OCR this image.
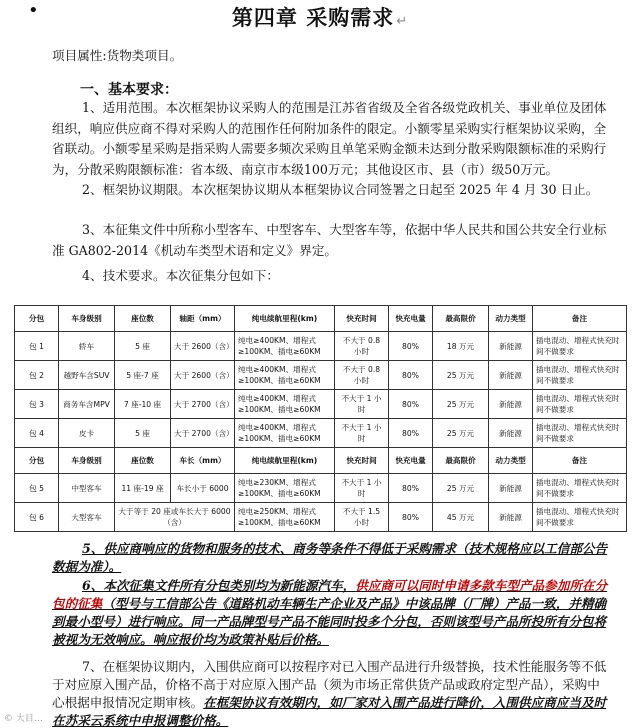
•	第四章 采购需求 ↵
项目属性:货物类项目。
一、基本要求：
1、适用范围。本次框架协议采购人的范围是江苏省省级及全省各级党政机关、事业单位及团体组织，响应供应商不得对采购人的范围作任何附加条件的限定。小额零星采购实行框架协议采购，全省联动。小额零星采购是指采购人需要多频次采购且单笔采购金额未达到分散采购限额标准的采购行为，分散采购限额标准：省本级、南京市本级100万元；其他设区市、县（市）级50万元。
2、框架协议期限。本次框架协议期从本框架协议合同签署之日起至 2025 年 4 月 30 日止。
3、本征集文件中所称小型客车、中型客车、大型客车等，依据中华人民共和国公共安全行业标准 GA802-2014《机动车类型术语和定义》界定。
4、技术要求。本次征集分包如下：
分包	车身级别	座位数	轴距（mm）	纯电续航里程(km)	快充时间	快充电量	最高限价	动力类型	备注
包 1	轿车	5 座	大于 2600（含）	纯电≥400KM、增程式≥100KM、插电≥60KM	不大于 0.8 小时	80%	18 万元	新能源	插电混动、增程式快充时间不做要求
包 2	越野车含SUV	5 座-7 座	大于 2600（含）	纯电≥400KM、增程式≥100KM、插电≥60KM	不大于 0.8 小时	80%	25 万元	新能源	插电混动、增程式快充时间不做要求
包 3	商务车含MPV	7 座-10 座	大于 2700（含）	纯电≥400KM、增程式≥100KM、插电≥60KM	不大于 1 小时	80%	25 万元	新能源	插电混动、增程式快充时间不做要求
包 4	皮卡	5 座	大于 2700（含）	纯电≥400KM、增程式≥100KM、插电≥60KM	不大于 1 小时	80%	25 万元	新能源	插电混动、增程式快充时间不做要求
分包	车身级别	座位数	车长（mm）	纯电续航里程(km)	快充时间	快充电量	最高限价	动力类型	备注
包 5	中型客车	11 座-19 座	车长小于 6000	纯电≥230KM、增程式≥100KM、插电≥60KM	不大于 1 小时	80%	25 万元	新能源	插电混动、增程式快充时间不做要求
包 6	大型客车	大于等于 20 座或车长大于 6000（含）		纯电≥250KM、增程式≥100KM、插电≥60KM	不大于 1.5 小时	80%	45 万元	新能源	插电混动、增程式快充时间不做要求
5、供应商响应的货物和服务的技术、商务等条件不得低于采购需求（技术规格应以工信部公告数据为准）。
6、本次征集文件所有分包类别均为新能源汽车，供应商可以同时申请多款车型产品参加所在分包的征集（型号与工信部公告《道路机动车辆生产企业及产品》中该品牌（厂牌）产品一致，并精确到最小型号）进行响应。同一产品牌型号产品不能同时投多个分包，否则该型号产品所投所有分包将被视为无效响应。响应报价均为政策补贴后价格。
7、在框架协议期内，入围供应商可以按程序对已入围产品进行升级替换，技术性能服务等不低于对应原入围产品，价格不高于对应原入围产品（须为市场正常供货产品或政府定型产品），采购中心根据申报情况定期审核。在框架协议有效期内，如厂家对入围产品进行降价，入围供应商应当及时在苏采云系统中申报调整价格。
© 大目…
